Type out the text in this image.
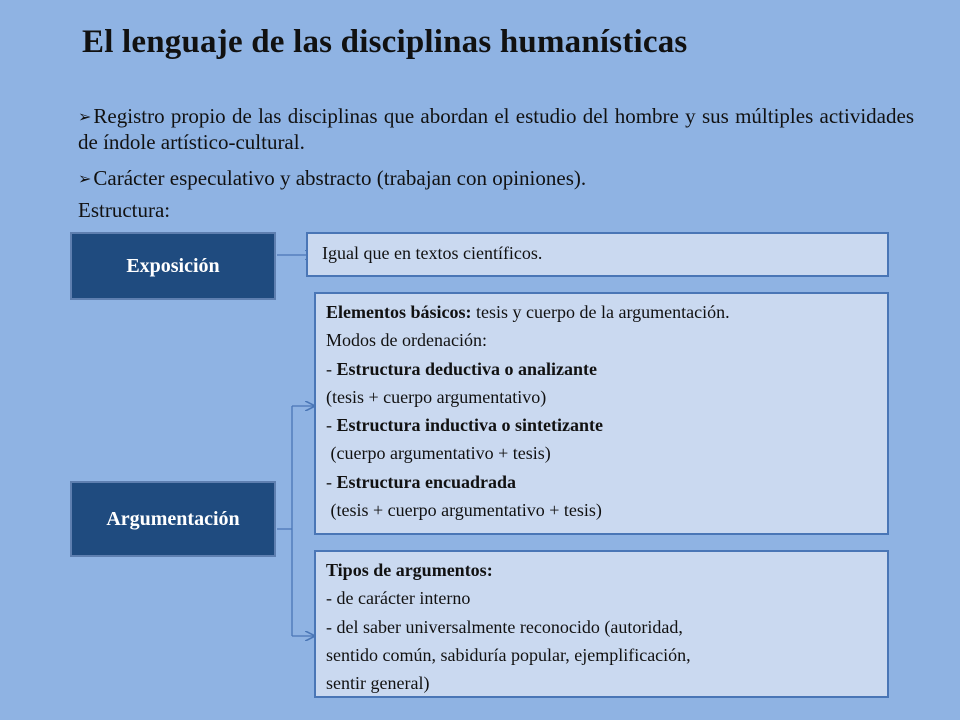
El lenguaje de las disciplinas humanísticas
➢Registro propio de las disciplinas que abordan el estudio del hombre y sus múltiples actividades de índole artístico-cultural.
➢Carácter especulativo y abstracto (trabajan con opiniones).
Estructura:
Exposición
Igual que en textos científicos.
Argumentación
Elementos básicos: tesis y cuerpo de la argumentación.
Modos de ordenación:
- Estructura deductiva o analizante
(tesis + cuerpo argumentativo)
- Estructura inductiva o sintetizante
(cuerpo argumentativo + tesis)
- Estructura encuadrada
(tesis + cuerpo argumentativo + tesis)
Tipos de argumentos:
- de carácter interno
- del saber universalmente reconocido (autoridad,
sentido común, sabiduría popular, ejemplificación,
sentir general)
